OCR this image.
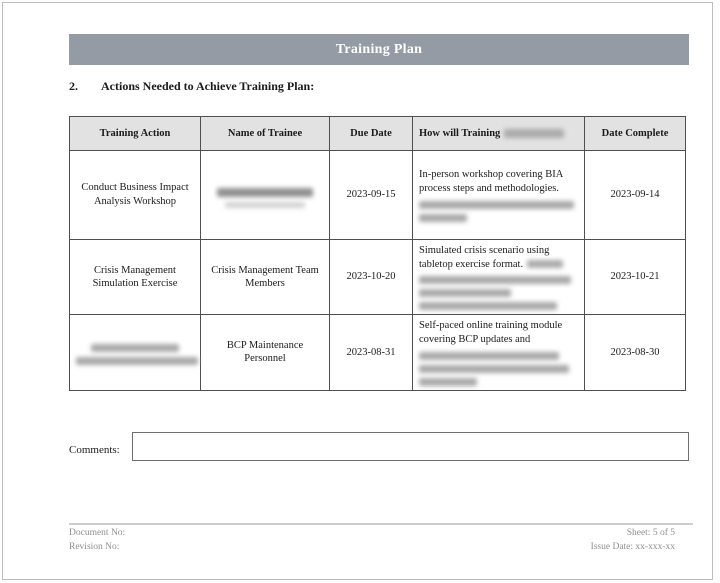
Training Plan
2. Actions Needed to Achieve Training Plan:
Training Action	Name of Trainee	Due Date	How will Training	Date Complete
Conduct Business Impact Analysis Workshop		2023-09-15	In-person workshop covering BIA process steps and methodologies.	2023-09-14
Crisis Management Simulation Exercise	Crisis Management Team Members	2023-10-20	Simulated crisis scenario using tabletop exercise format.	2023-10-21

	BCP Maintenance Personnel	2023-08-31	Self-paced online training module covering BCP updates and	2023-08-30
Comments:
Document No:
Revision No:
Sheet: 5 of 5
Issue Date: xx-xxx-xx
